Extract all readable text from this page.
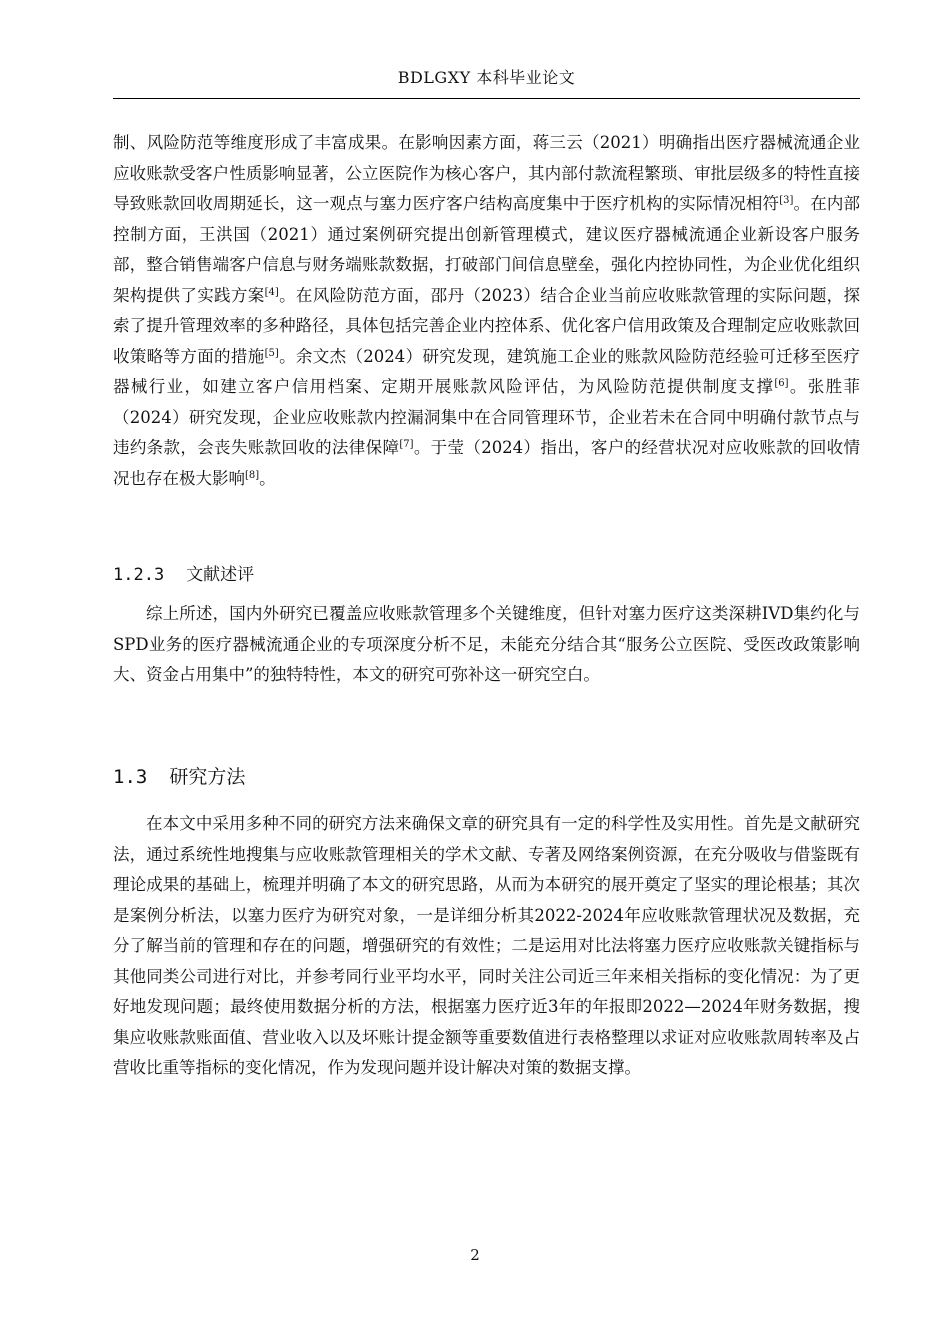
BDLGXY 本科毕业论文
制、风险防范等维度形成了丰富成果。在影响因素方面，蒋三云（2021）明确指出医疗器械流通企业应收账款受客户性质影响显著，公立医院作为核心客户，其内部付款流程繁琐、审批层级多的特性直接导致账款回收周期延长，这一观点与塞力医疗客户结构高度集中于医疗机构的实际情况相符[3]。在内部控制方面，王洪国（2021）通过案例研究提出创新管理模式，建议医疗器械流通企业新设客户服务部，整合销售端客户信息与财务端账款数据，打破部门间信息壁垒，强化内控协同性，为企业优化组织架构提供了实践方案[4]。在风险防范方面，邵丹（2023）结合企业当前应收账款管理的实际问题，探索了提升管理效率的多种路径，具体包括完善企业内控体系、优化客户信用政策及合理制定应收账款回收策略等方面的措施[5]。余文杰（2024）研究发现，建筑施工企业的账款风险防范经验可迁移至医疗器械行业，如建立客户信用档案、定期开展账款风险评估，为风险防范提供制度支撑[6]。张胜菲（2024）研究发现，企业应收账款内控漏洞集中在合同管理环节，企业若未在合同中明确付款节点与违约条款，会丧失账款回收的法律保障[7]。于莹（2024）指出，客户的经营状况对应收账款的回收情况也存在极大影响[8]。
1.2.3 文献述评
综上所述，国内外研究已覆盖应收账款管理多个关键维度，但针对塞力医疗这类深耕IVD集约化与SPD业务的医疗器械流通企业的专项深度分析不足，未能充分结合其“服务公立医院、受医改政策影响大、资金占用集中”的独特特性，本文的研究可弥补这一研究空白。
1.3 研究方法
在本文中采用多种不同的研究方法来确保文章的研究具有一定的科学性及实用性。首先是文献研究法，通过系统性地搜集与应收账款管理相关的学术文献、专著及网络案例资源，在充分吸收与借鉴既有理论成果的基础上，梳理并明确了本文的研究思路，从而为本研究的展开奠定了坚实的理论根基；其次是案例分析法，以塞力医疗为研究对象，一是详细分析其2022-2024年应收账款管理状况及数据，充分了解当前的管理和存在的问题，增强研究的有效性；二是运用对比法将塞力医疗应收账款关键指标与其他同类公司进行对比，并参考同行业平均水平，同时关注公司近三年来相关指标的变化情况：为了更好地发现问题；最终使用数据分析的方法，根据塞力医疗近3年的年报即2022—2024年财务数据，搜集应收账款账面值、营业收入以及坏账计提金额等重要数值进行表格整理以求证对应收账款周转率及占营收比重等指标的变化情况，作为发现问题并设计解决对策的数据支撑。
2
